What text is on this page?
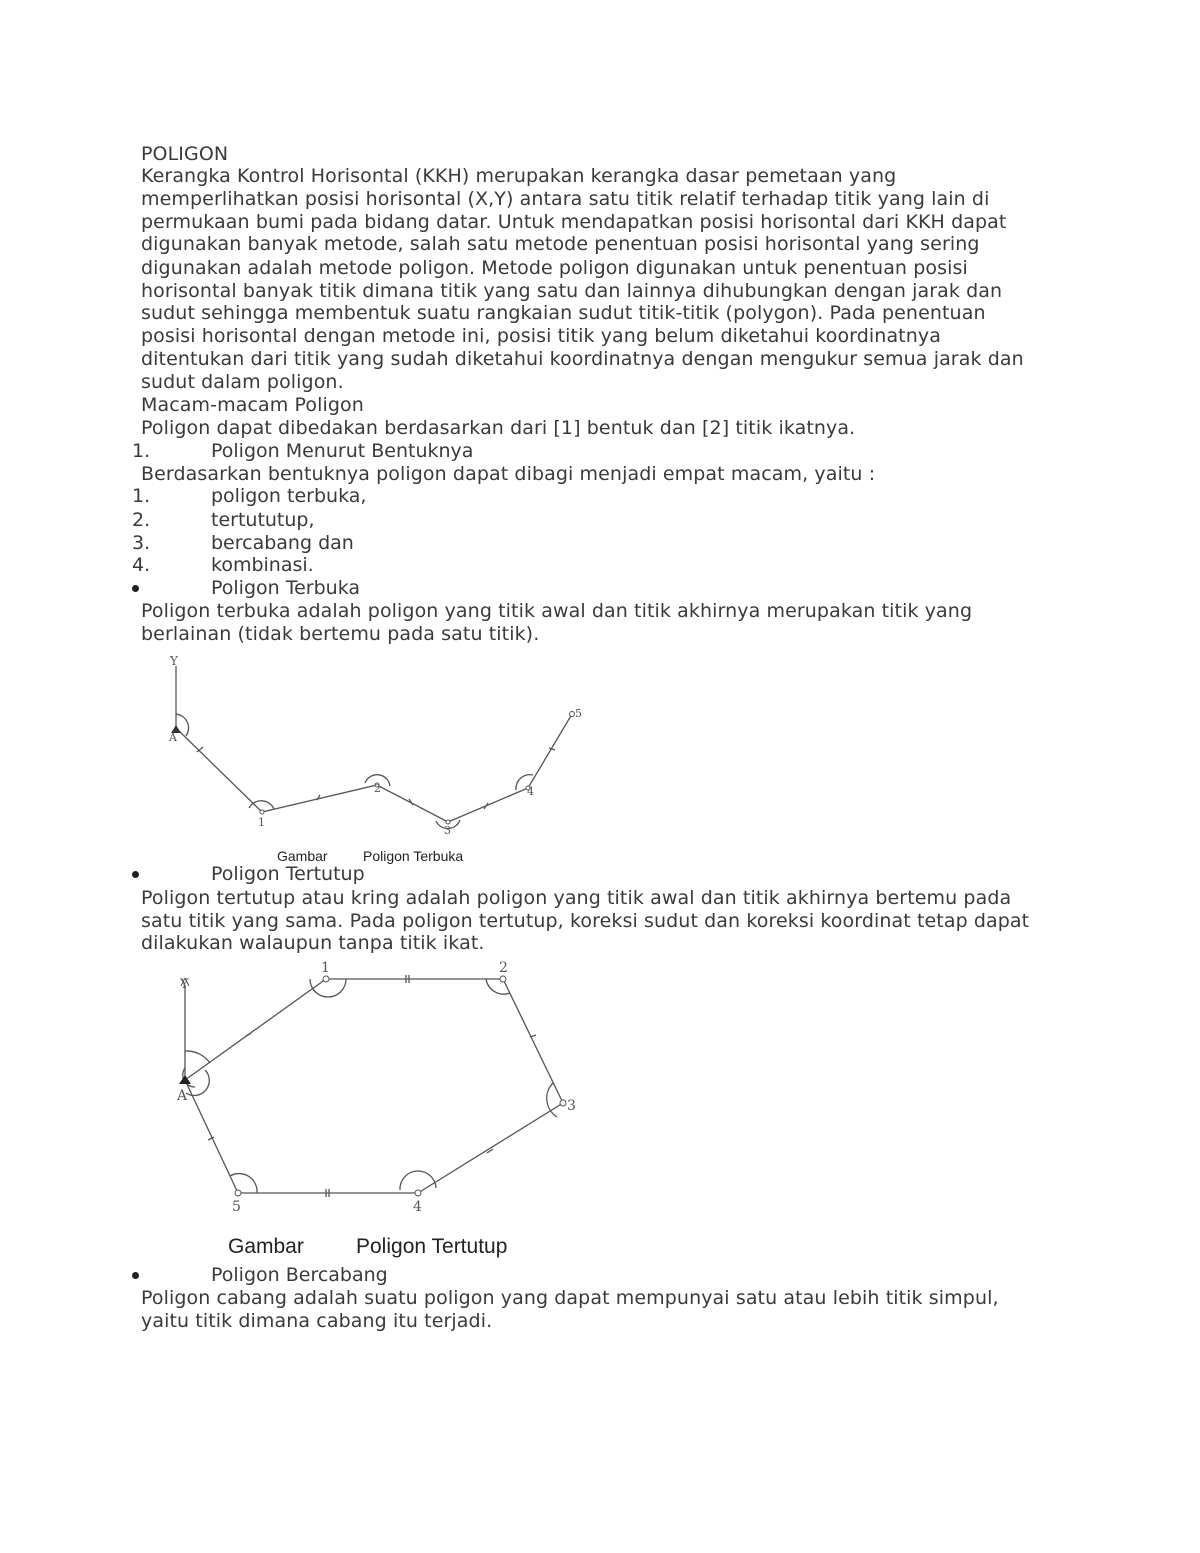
POLIGON
Kerangka Kontrol Horisontal (KKH) merupakan kerangka dasar pemetaan yang
memperlihatkan posisi horisontal (X,Y) antara satu titik relatif terhadap titik yang lain di
permukaan bumi pada bidang datar. Untuk mendapatkan posisi horisontal dari KKH dapat
digunakan banyak metode, salah satu metode penentuan posisi horisontal yang sering
digunakan adalah metode poligon. Metode poligon digunakan untuk penentuan posisi
horisontal banyak titik dimana titik yang satu dan lainnya dihubungkan dengan jarak dan
sudut sehingga membentuk suatu rangkaian sudut titik-titik (polygon). Pada penentuan
posisi horisontal dengan metode ini, posisi titik yang belum diketahui koordinatnya
ditentukan dari titik yang sudah diketahui koordinatnya dengan mengukur semua jarak dan
sudut dalam poligon.
Macam-macam Poligon
Poligon dapat dibedakan berdasarkan dari [1] bentuk dan [2] titik ikatnya.
1.	Poligon Menurut Bentuknya
Berdasarkan bentuknya poligon dapat dibagi menjadi empat macam, yaitu :
1.	poligon terbuka,
2.	tertututup,
3.	bercabang dan
4.	kombinasi.
Poligon Terbuka
Poligon terbuka adalah poligon yang titik awal dan titik akhirnya merupakan titik yang
berlainan (tidak bertemu pada satu titik).
Y
A
1
2
3
4
5
Gambar	Poligon Terbuka
Poligon Tertutup
Poligon tertutup atau kring adalah poligon yang titik awal dan titik akhirnya bertemu pada
satu titik yang sama. Pada poligon tertutup, koreksi sudut dan koreksi koordinat tetap dapat
dilakukan walaupun tanpa titik ikat.
Y
A
1	2
3
4
5
Gambar Poligon Tertutup
Poligon Bercabang
Poligon cabang adalah suatu poligon yang dapat mempunyai satu atau lebih titik simpul,
yaitu titik dimana cabang itu terjadi.
